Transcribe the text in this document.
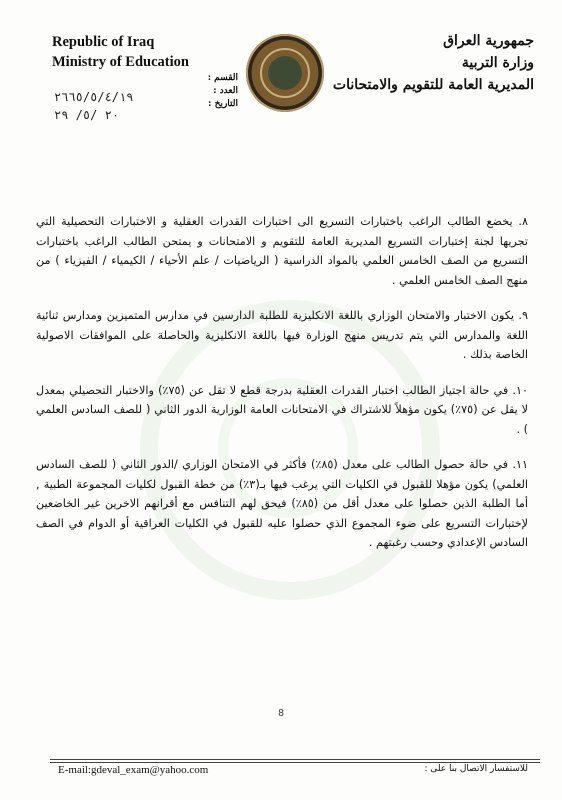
Republic of Iraq
Ministry of Education
جمهورية العراق
وزارة التربية
المديرية العامة للتقويم والامتحانات
القسم :
العدد :
التاريخ :
٢٦٦٥/٥/٤/١٩
٢٠ /٥/ ٢٩

٨. يخضع الطالب الراغب باختبارات التسريع الى اختبارات القدرات العقلية و الاختبارات التحصيلية التي تجريها لجنة إختبارات التسريع المديرية العامة للتقويم و الامتحانات و يمتحن الطالب الراغب باختبارات التسريع من الصف الخامس العلمي بالمواد الدراسية ( الرياضيات / علم الأحياء / الكيمياء / الفيزياء ) من منهج الصف الخامس العلمي .

٩. يكون الاختبار والامتحان الوزاري باللغة الانكليزية للطلبة الدارسين في مدارس المتميزين ومدارس ثنائية اللغة والمدارس التي يتم تدريس منهج الوزارة فيها باللغة الانكليزية والحاصلة على الموافقات الاصولية الخاصة بذلك .

١٠. في حالة اجتياز الطالب اختبار القدرات العقلية بدرجة قطع لا تقل عن (٧٥٪) والاختبار التحصيلي بمعدل لا يقل عن (٧٥٪) يكون مؤهلاً للاشتراك في الامتحانات العامة الوزارية الدور الثاني ( للصف السادس العلمي ) .

١١. في حالة حصول الطالب على معدل (٨٥٪) فأكثر في الامتحان الوزاري /الدور الثاني ( للصف السادس العلمي) يكون مؤهلا للقبول في الكليات التي يرغب فيها بـ(٣٪) من خطة القبول لكليات المجموعة الطبية , أما الطلبة الذين حصلوا على معدل أقل من (٨٥٪) فيحق لهم التنافس مع أقرانهم الاخرين غير الخاضعين لإختبارات التسريع على ضوء المجموع الذي حصلوا عليه للقبول في الكليات العراقية أو الدوام في الصف السادس الإعدادي وحسب رغبتهم .

8
E-mail:gdeval_exam@yahoo.com	للاستفسار الاتصال بنا على :
